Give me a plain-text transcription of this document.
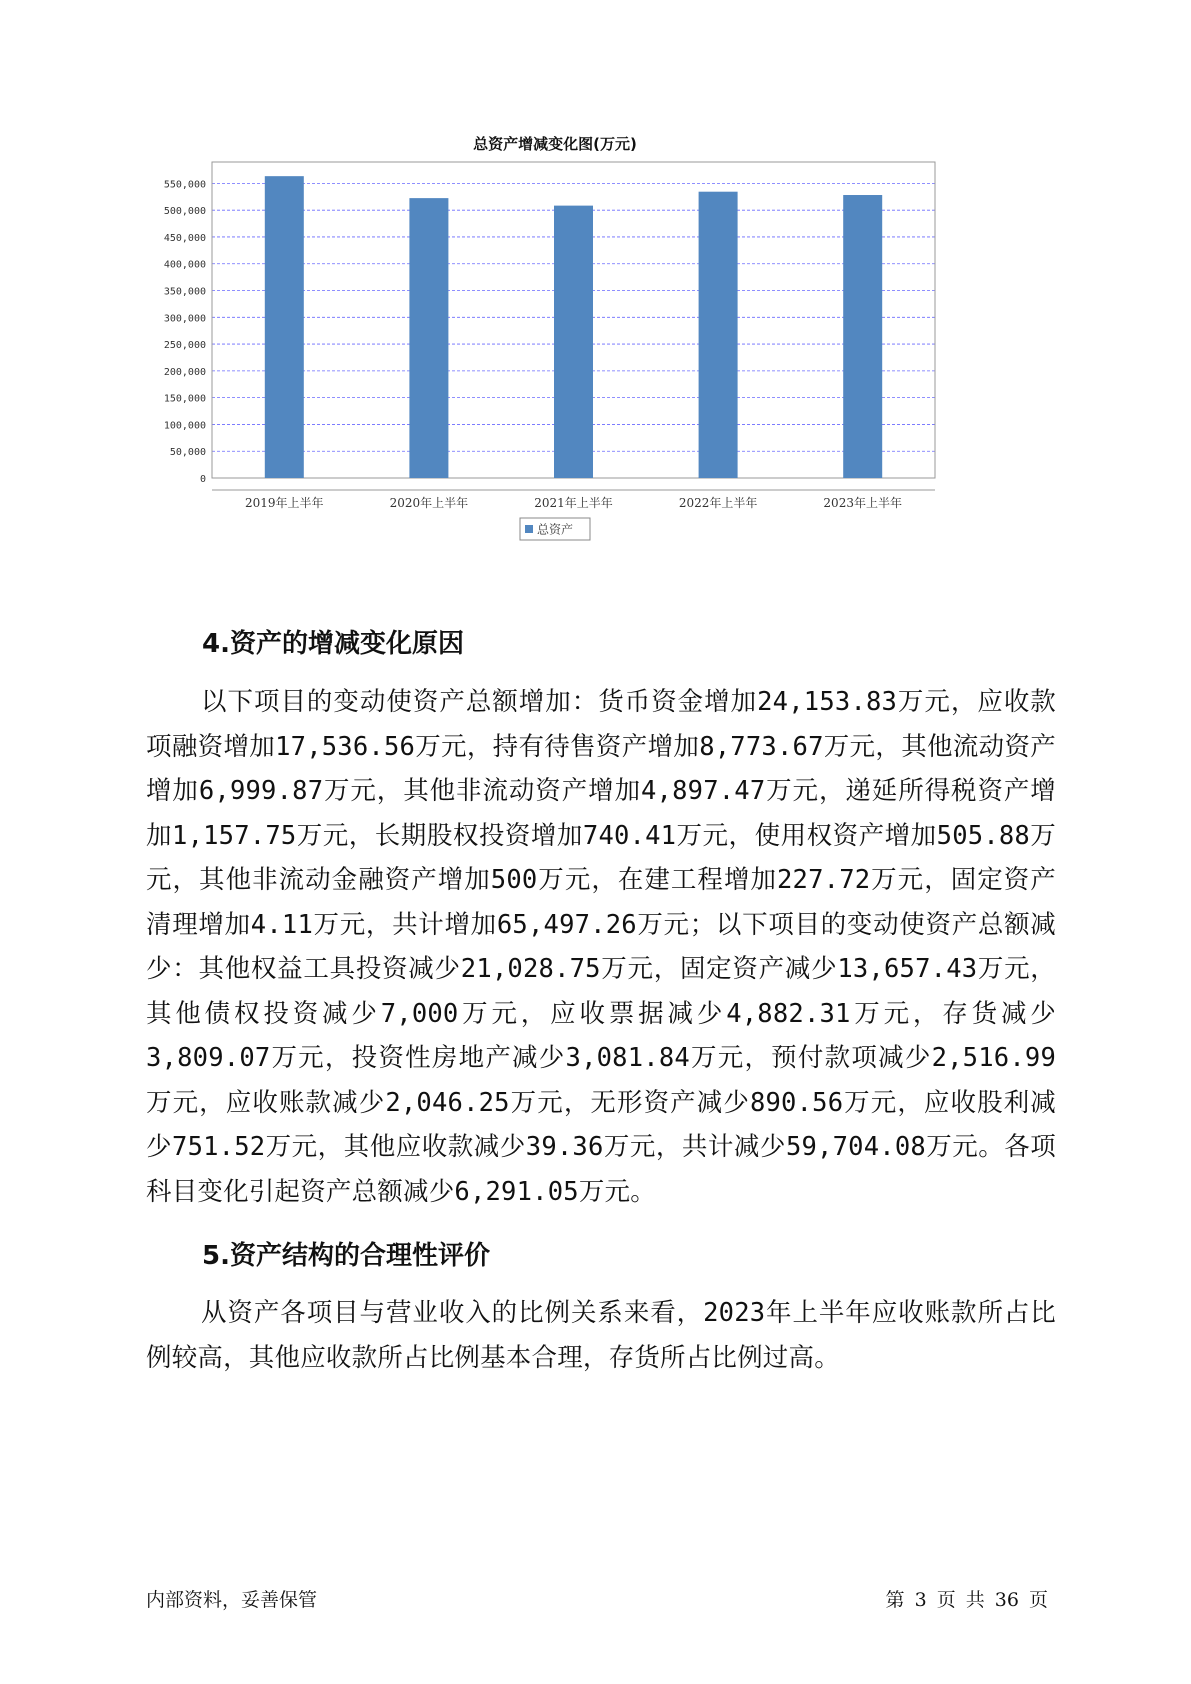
总资产增减变化图(万元)
0
50,000
100,000
150,000
200,000
250,000
300,000
350,000
400,000
450,000
500,000
550,000
2019年上半年	2020年上半年	2021年上半年	2022年上半年	2023年上半年
总资产
4.资产的增减变化原因

以下项目的变动使资产总额增加：货币资金增加24,153.83万元，应收款项融资增加17,536.56万元，持有待售资产增加8,773.67万元，其他流动资产增加6,999.87万元，其他非流动资产增加4,897.47万元，递延所得税资产增加1,157.75万元，长期股权投资增加740.41万元，使用权资产增加505.88万元，其他非流动金融资产增加500万元，在建工程增加227.72万元，固定资产清理增加4.11万元，共计增加65,497.26万元；以下项目的变动使资产总额减少：其他权益工具投资减少21,028.75万元，固定资产减少13,657.43万元，其他债权投资减少7,000万元，应收票据减少4,882.31万元，存货减少3,809.07万元，投资性房地产减少3,081.84万元，预付款项减少2,516.99万元，应收账款减少2,046.25万元，无形资产减少890.56万元，应收股利减少751.52万元，其他应收款减少39.36万元，共计减少59,704.08万元。各项科目变化引起资产总额减少6,291.05万元。

5.资产结构的合理性评价

从资产各项目与营业收入的比例关系来看，2023年上半年应收账款所占比例较高，其他应收款所占比例基本合理，存货所占比例过高。

内部资料，妥善保管	第 3 页 共 36 页
